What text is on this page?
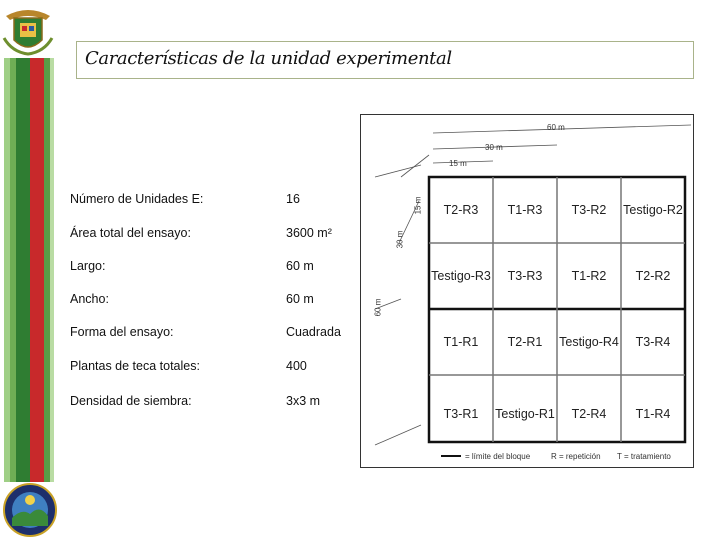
Características de la unidad experimental
Número de Unidades E:	16
Área total del ensayo:	3600 m²
Largo:	60 m
Ancho:	60 m
Forma del ensayo:	Cuadrada
Plantas de teca totales:	400
Densidad de siembra:	3x3 m
60 m
30 m
15 m
15 m
30 m
60 m
T2-R3 T1-R3 T3-R2 Testigo-R2
Testigo-R3 T3-R3 T1-R2 T2-R2
T1-R1 T2-R1 Testigo-R4 T3-R4
T3-R1 Testigo-R1 T2-R4 T1-R4
= límite del bloque	R = repetición T = tratamiento
